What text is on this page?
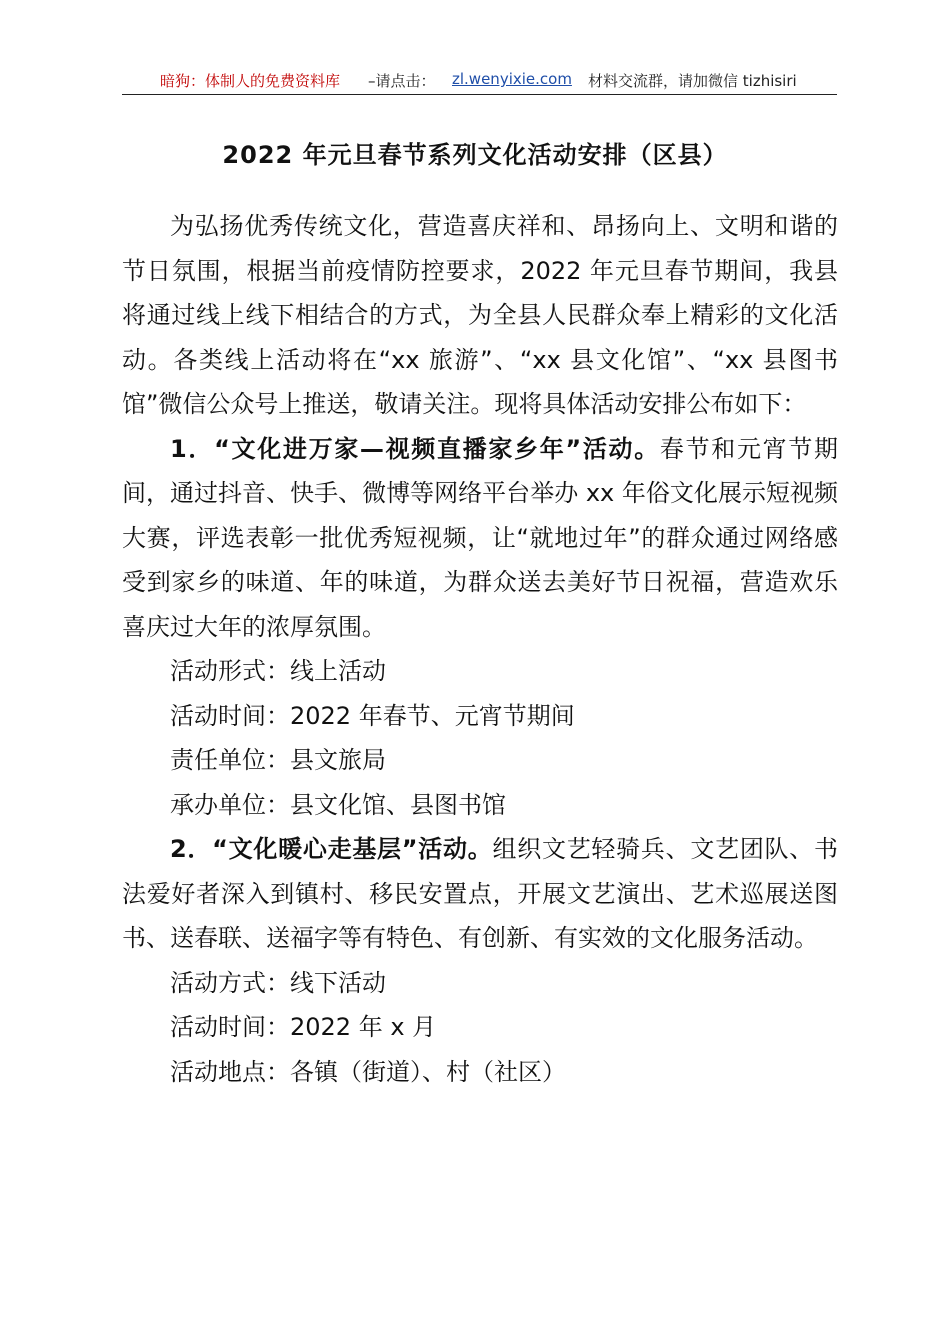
暗狗：体制人的免费资料库 –请点击： zl.wenyixie.com 材料交流群，请加微信 tizhisiri
2022 年元旦春节系列文化活动安排（区县）

为弘扬优秀传统文化，营造喜庆祥和、昂扬向上、文明和谐的节日氛围，根据当前疫情防控要求，2022 年元旦春节期间，我县将通过线上线下相结合的方式，为全县人民群众奉上精彩的文化活动。各类线上活动将在“xx 旅游”、“xx 县文化馆”、“xx 县图书馆”微信公众号上推送，敬请关注。现将具体活动安排公布如下：

1．“文化进万家—视频直播家乡年”活动。春节和元宵节期间，通过抖音、快手、微博等网络平台举办 xx 年俗文化展示短视频大赛，评选表彰一批优秀短视频，让“就地过年”的群众通过网络感受到家乡的味道、年的味道，为群众送去美好节日祝福，营造欢乐喜庆过大年的浓厚氛围。

活动形式：线上活动

活动时间：2022 年春节、元宵节期间

责任单位：县文旅局

承办单位：县文化馆、县图书馆

2．“文化暖心走基层”活动。组织文艺轻骑兵、文艺团队、书法爱好者深入到镇村、移民安置点，开展文艺演出、艺术巡展送图书、送春联、送福字等有特色、有创新、有实效的文化服务活动。

活动方式：线下活动

活动时间：2022 年 x 月

活动地点：各镇（街道）、村（社区）
